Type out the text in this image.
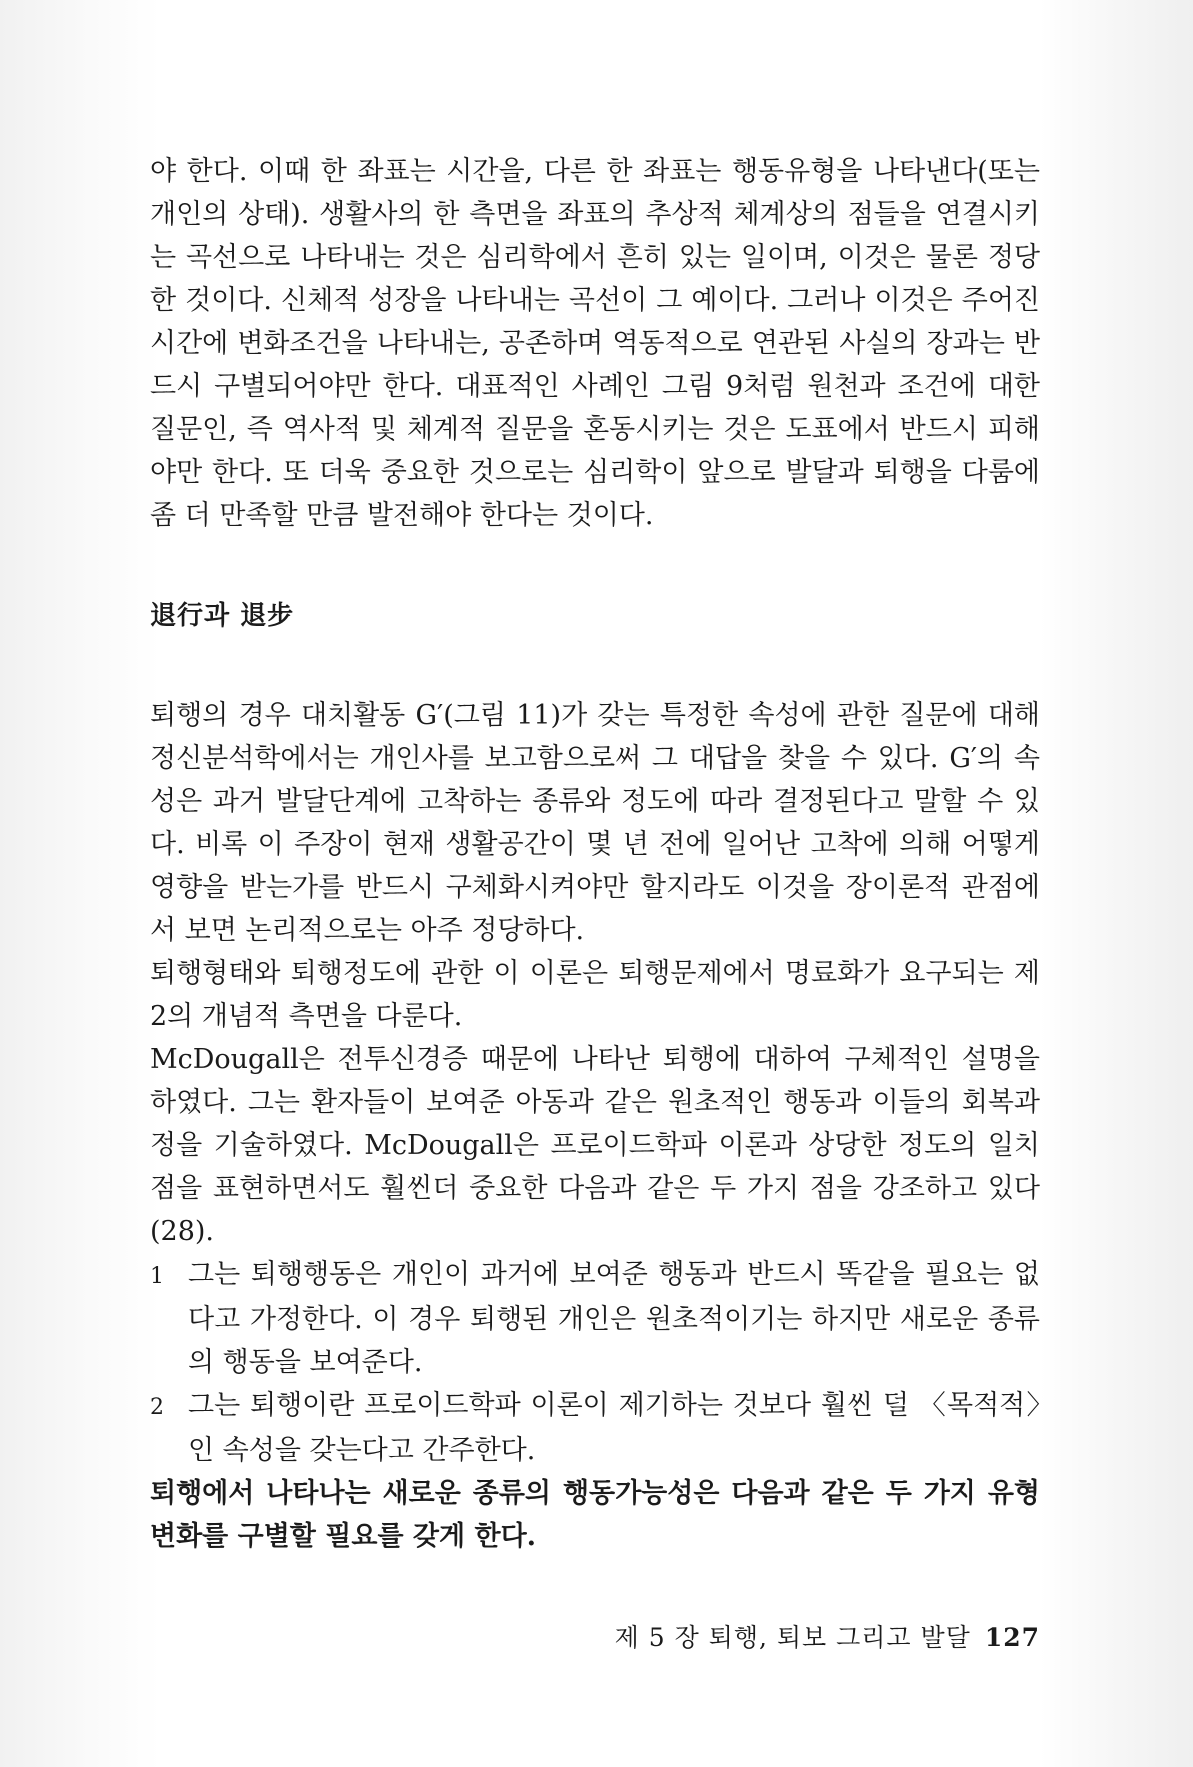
야 한다. 이때 한 좌표는 시간을, 다른 한 좌표는 행동유형을 나타낸다(또는 개인의 상태). 생활사의 한 측면을 좌표의 추상적 체계상의 점들을 연결시키는 곡선으로 나타내는 것은 심리학에서 흔히 있는 일이며, 이것은 물론 정당한 것이다. 신체적 성장을 나타내는 곡선이 그 예이다. 그러나 이것은 주어진 시간에 변화조건을 나타내는, 공존하며 역동적으로 연관된 사실의 장과는 반드시 구별되어야만 한다. 대표적인 사례인 그림 9처럼 원천과 조건에 대한 질문인, 즉 역사적 및 체계적 질문을 혼동시키는 것은 도표에서 반드시 피해야만 한다. 또 더욱 중요한 것으로는 심리학이 앞으로 발달과 퇴행을 다룸에 좀 더 만족할 만큼 발전해야 한다는 것이다.

退行과 退步

퇴행의 경우 대치활동 G′(그림 11)가 갖는 특정한 속성에 관한 질문에 대해 정신분석학에서는 개인사를 보고함으로써 그 대답을 찾을 수 있다. G′의 속성은 과거 발달단계에 고착하는 종류와 정도에 따라 결정된다고 말할 수 있다. 비록 이 주장이 현재 생활공간이 몇 년 전에 일어난 고착에 의해 어떻게 영향을 받는가를 반드시 구체화시켜야만 할지라도 이것을 장이론적 관점에서 보면 논리적으로는 아주 정당하다.

퇴행형태와 퇴행정도에 관한 이 이론은 퇴행문제에서 명료화가 요구되는 제2의 개념적 측면을 다룬다.

McDougall은 전투신경증 때문에 나타난 퇴행에 대하여 구체적인 설명을 하였다. 그는 환자들이 보여준 아동과 같은 원초적인 행동과 이들의 회복과정을 기술하였다. McDougall은 프로이드학파 이론과 상당한 정도의 일치점을 표현하면서도 훨씬더 중요한 다음과 같은 두 가지 점을 강조하고 있다(28).

1 그는 퇴행행동은 개인이 과거에 보여준 행동과 반드시 똑같을 필요는 없다고 가정한다. 이 경우 퇴행된 개인은 원초적이기는 하지만 새로운 종류의 행동을 보여준다.

2 그는 퇴행이란 프로이드학파 이론이 제기하는 것보다 훨씬 덜 〈목적적〉인 속성을 갖는다고 간주한다.

퇴행에서 나타나는 새로운 종류의 행동가능성은 다음과 같은 두 가지 유형변화를 구별할 필요를 갖게 한다.

제 5 장 퇴행, 퇴보 그리고 발달 127
